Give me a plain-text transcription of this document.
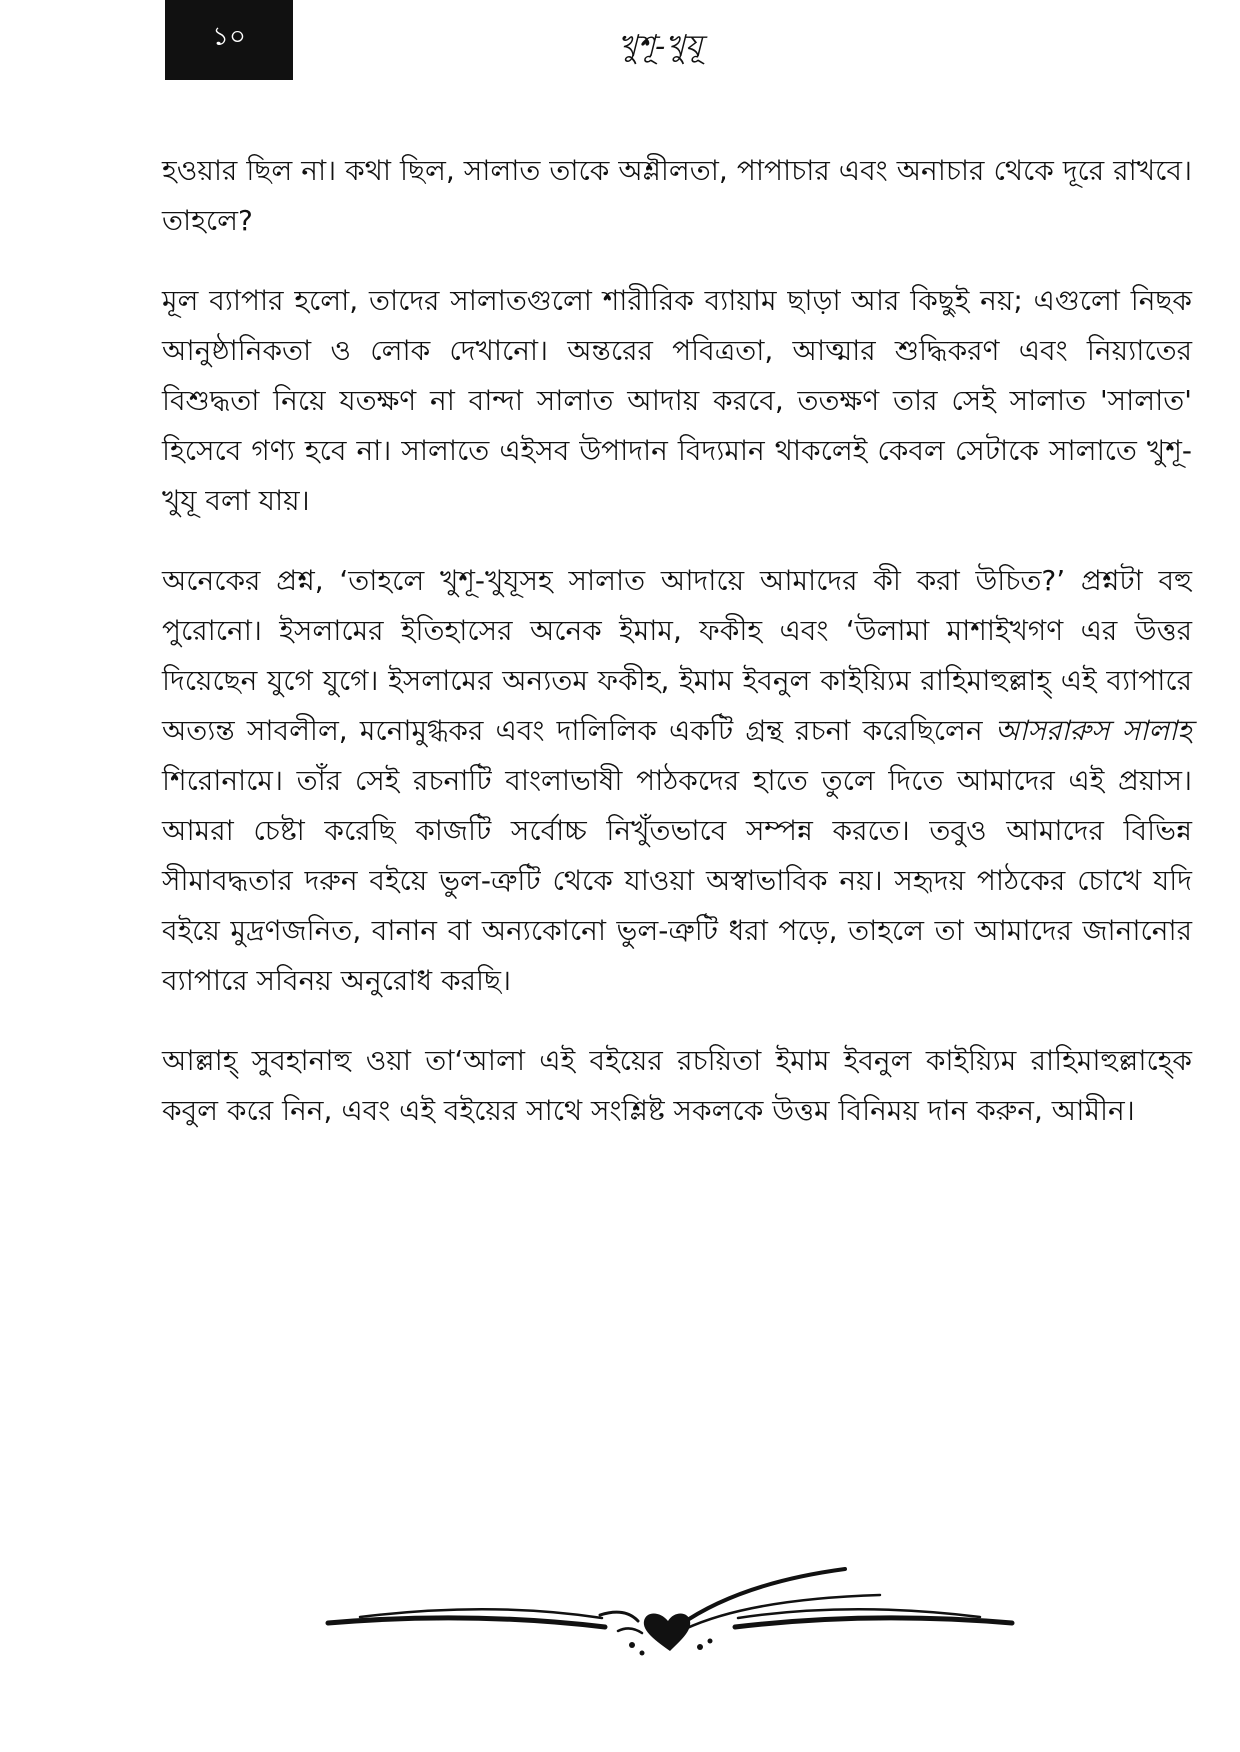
১০	খুশূ-খুযূ

হওয়ার ছিল না। কথা ছিল, সালাত তাকে অশ্লীলতা, পাপাচার এবং অনাচার থেকে দূরে রাখবে। তাহলে?

মূল ব্যাপার হলো, তাদের সালাতগুলো শারীরিক ব্যায়াম ছাড়া আর কিছুই নয়; এগুলো নিছক আনুষ্ঠানিকতা ও লোক দেখানো। অন্তরের পবিত্রতা, আত্মার শুদ্ধিকরণ এবং নিয়্যাতের বিশুদ্ধতা নিয়ে যতক্ষণ না বান্দা সালাত আদায় করবে, ততক্ষণ তার সেই সালাত 'সালাত' হিসেবে গণ্য হবে না। সালাতে এইসব উপাদান বিদ্যমান থাকলেই কেবল সেটাকে সালাতে খুশূ-খুযূ বলা যায়।

অনেকের প্রশ্ন, ‘তাহলে খুশূ-খুযূসহ সালাত আদায়ে আমাদের কী করা উচিত?’ প্রশ্নটা বহু পুরোনো। ইসলামের ইতিহাসের অনেক ইমাম, ফকীহ এবং ‘উলামা মাশাইখগণ এর উত্তর দিয়েছেন যুগে যুগে। ইসলামের অন্যতম ফকীহ, ইমাম ইবনুল কাইয়্যিম রাহিমাহুল্লাহ্ এই ব্যাপারে অত্যন্ত সাবলীল, মনোমুগ্ধকর এবং দালিলিক একটি গ্রন্থ রচনা করেছিলেন আসরারুস সালাহ শিরোনামে। তাঁর সেই রচনাটি বাংলাভাষী পাঠকদের হাতে তুলে দিতে আমাদের এই প্রয়াস। আমরা চেষ্টা করেছি কাজটি সর্বোচ্চ নিখুঁতভাবে সম্পন্ন করতে। তবুও আমাদের বিভিন্ন সীমাবদ্ধতার দরুন বইয়ে ভুল-ত্রুটি থেকে যাওয়া অস্বাভাবিক নয়। সহৃদয় পাঠকের চোখে যদি বইয়ে মুদ্রণজনিত, বানান বা অন্যকোনো ভুল-ত্রুটি ধরা পড়ে, তাহলে তা আমাদের জানানোর ব্যাপারে সবিনয় অনুরোধ করছি।

আল্লাহ্ সুবহানাহু ওয়া তা‘আলা এই বইয়ের রচয়িতা ইমাম ইবনুল কাইয়্যিম রাহিমাহুল্লাহ্কে কবুল করে নিন, এবং এই বইয়ের সাথে সংশ্লিষ্ট সকলকে উত্তম বিনিময় দান করুন, আমীন।
